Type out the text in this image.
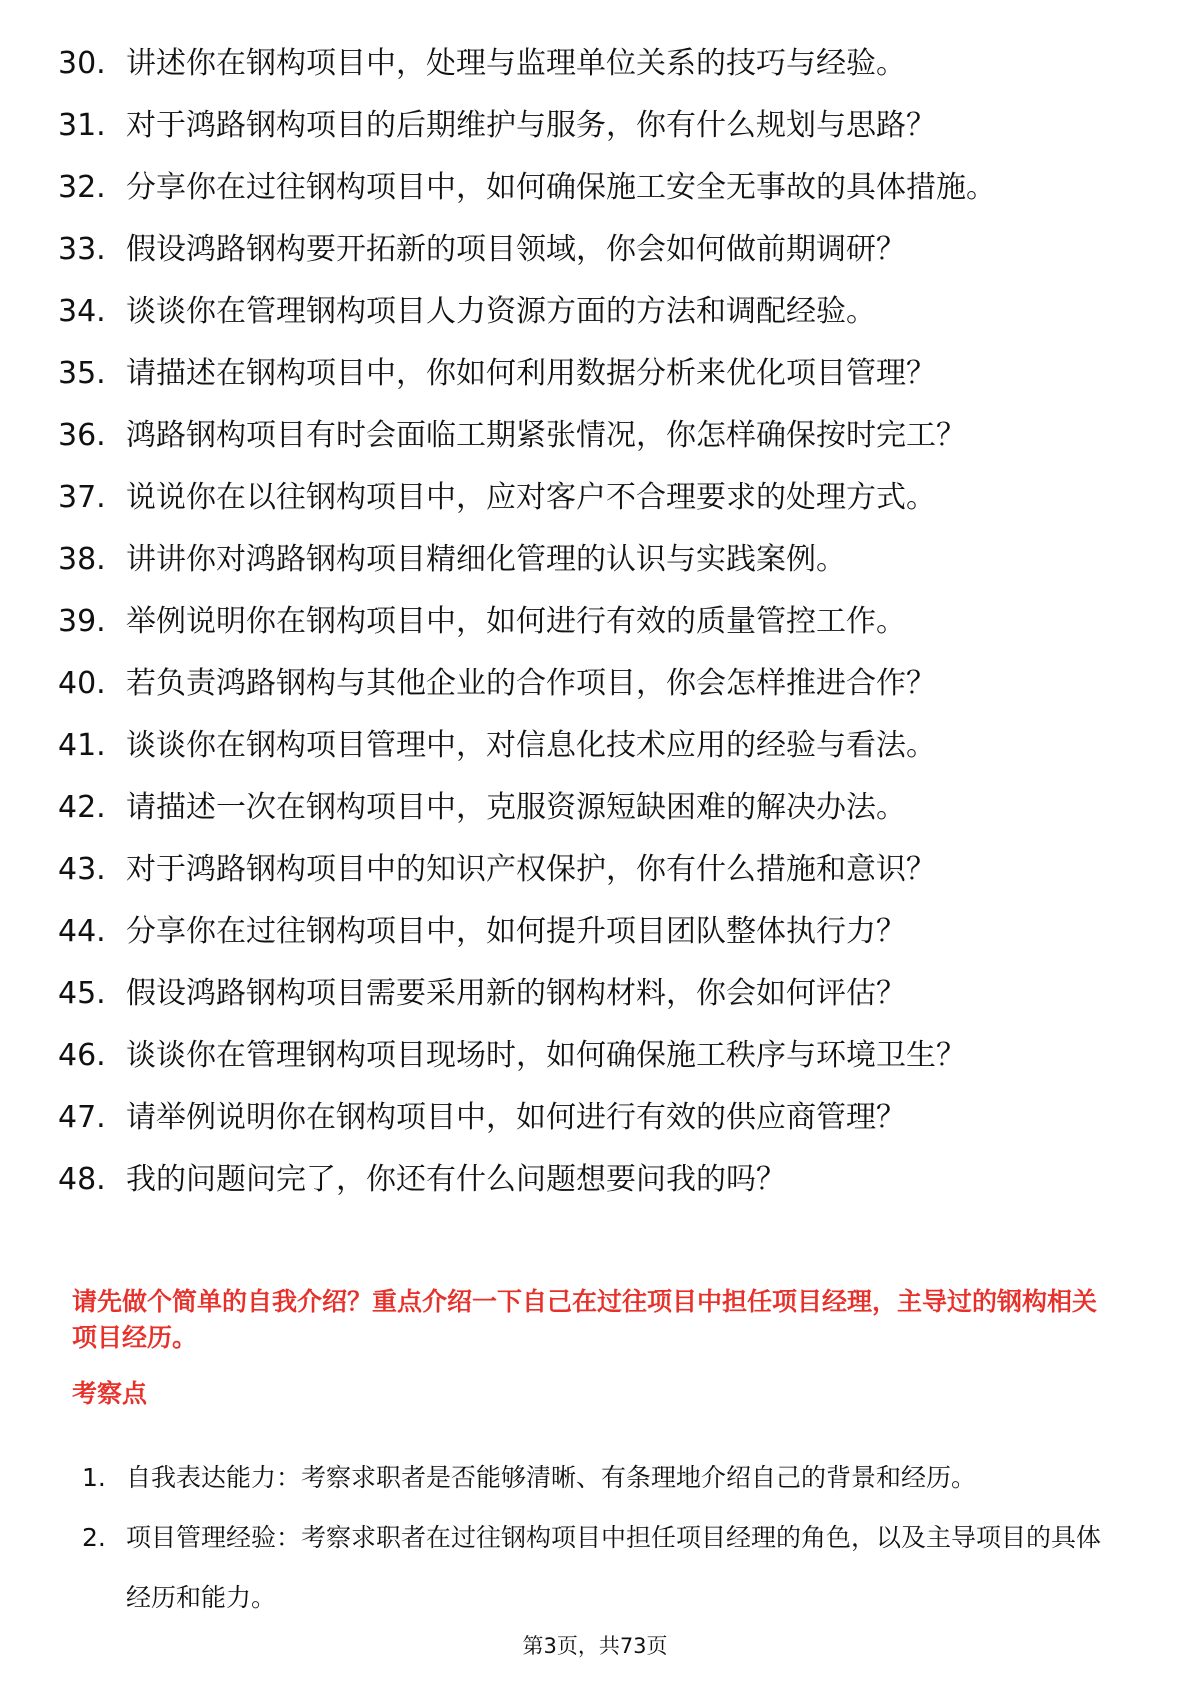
30. 讲述你在钢构项目中，处理与监理单位关系的技巧与经验。
31. 对于鸿路钢构项目的后期维护与服务，你有什么规划与思路？
32. 分享你在过往钢构项目中，如何确保施工安全无事故的具体措施。
33. 假设鸿路钢构要开拓新的项目领域，你会如何做前期调研？
34. 谈谈你在管理钢构项目人力资源方面的方法和调配经验。
35. 请描述在钢构项目中，你如何利用数据分析来优化项目管理？
36. 鸿路钢构项目有时会面临工期紧张情况，你怎样确保按时完工？
37. 说说你在以往钢构项目中，应对客户不合理要求的处理方式。
38. 讲讲你对鸿路钢构项目精细化管理的认识与实践案例。
39. 举例说明你在钢构项目中，如何进行有效的质量管控工作。
40. 若负责鸿路钢构与其他企业的合作项目，你会怎样推进合作？
41. 谈谈你在钢构项目管理中，对信息化技术应用的经验与看法。
42. 请描述一次在钢构项目中，克服资源短缺困难的解决办法。
43. 对于鸿路钢构项目中的知识产权保护，你有什么措施和意识？
44. 分享你在过往钢构项目中，如何提升项目团队整体执行力？
45. 假设鸿路钢构项目需要采用新的钢构材料，你会如何评估？
46. 谈谈你在管理钢构项目现场时，如何确保施工秩序与环境卫生？
47. 请举例说明你在钢构项目中，如何进行有效的供应商管理？
48. 我的问题问完了，你还有什么问题想要问我的吗？
请先做个简单的自我介绍？重点介绍一下自己在过往项目中担任项目经理，主导过的钢构相关项目经历。
考察点
1. 自我表达能力：考察求职者是否能够清晰、有条理地介绍自己的背景和经历。
2. 项目管理经验：考察求职者在过往钢构项目中担任项目经理的角色，以及主导项目的具体经历和能力。
第3页，共73页
